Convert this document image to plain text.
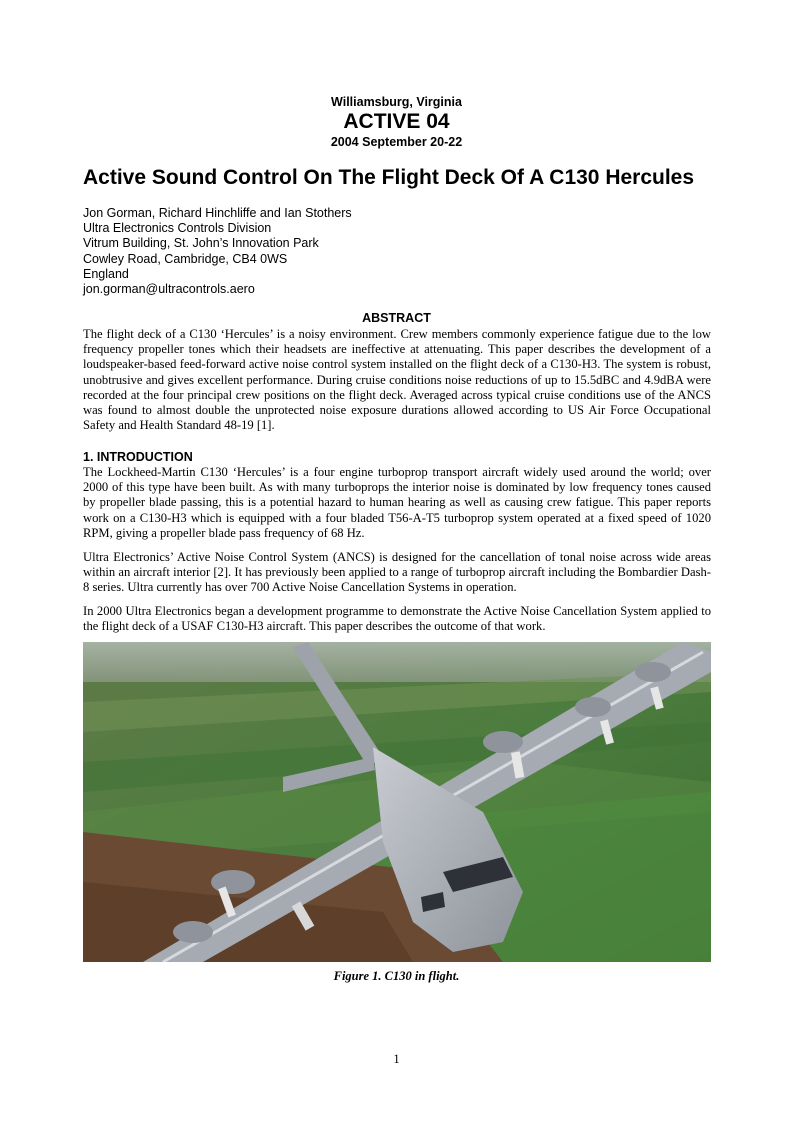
Williamsburg, Virginia
ACTIVE 04
2004 September 20-22
Active Sound Control On The Flight Deck Of A C130 Hercules
Jon Gorman, Richard Hinchliffe and Ian Stothers
Ultra Electronics Controls Division
Vitrum Building, St. John’s Innovation Park
Cowley Road, Cambridge, CB4 0WS
England
jon.gorman@ultracontrols.aero
ABSTRACT
The flight deck of a C130 ‘Hercules’ is a noisy environment. Crew members commonly experience fatigue due to the low frequency propeller tones which their headsets are ineffective at attenuating. This paper describes the development of a loudspeaker-based feed-forward active noise control system installed on the flight deck of a C130-H3. The system is robust, unobtrusive and gives excellent performance. During cruise conditions noise reductions of up to 15.5dBC and 4.9dBA were recorded at the four principal crew positions on the flight deck. Averaged across typical cruise conditions use of the ANCS was found to almost double the unprotected noise exposure durations allowed according to US Air Force Occupational Safety and Health Standard 48-19 [1].
1. INTRODUCTION
The Lockheed-Martin C130 ‘Hercules’ is a four engine turboprop transport aircraft widely used around the world; over 2000 of this type have been built. As with many turboprops the interior noise is dominated by low frequency tones caused by propeller blade passing, this is a potential hazard to human hearing as well as causing crew fatigue. This paper reports work on a C130-H3 which is equipped with a four bladed T56-A-T5 turboprop system operated at a fixed speed of 1020 RPM, giving a propeller blade pass frequency of 68 Hz.
Ultra Electronics’ Active Noise Control System (ANCS) is designed for the cancellation of tonal noise across wide areas within an aircraft interior [2]. It has previously been applied to a range of turboprop aircraft including the Bombardier Dash-8 series. Ultra currently has over 700 Active Noise Cancellation Systems in operation.
In 2000 Ultra Electronics began a development programme to demonstrate the Active Noise Cancellation System applied to the flight deck of a USAF C130-H3 aircraft. This paper describes the outcome of that work.
Figure 1. C130 in flight.
1
